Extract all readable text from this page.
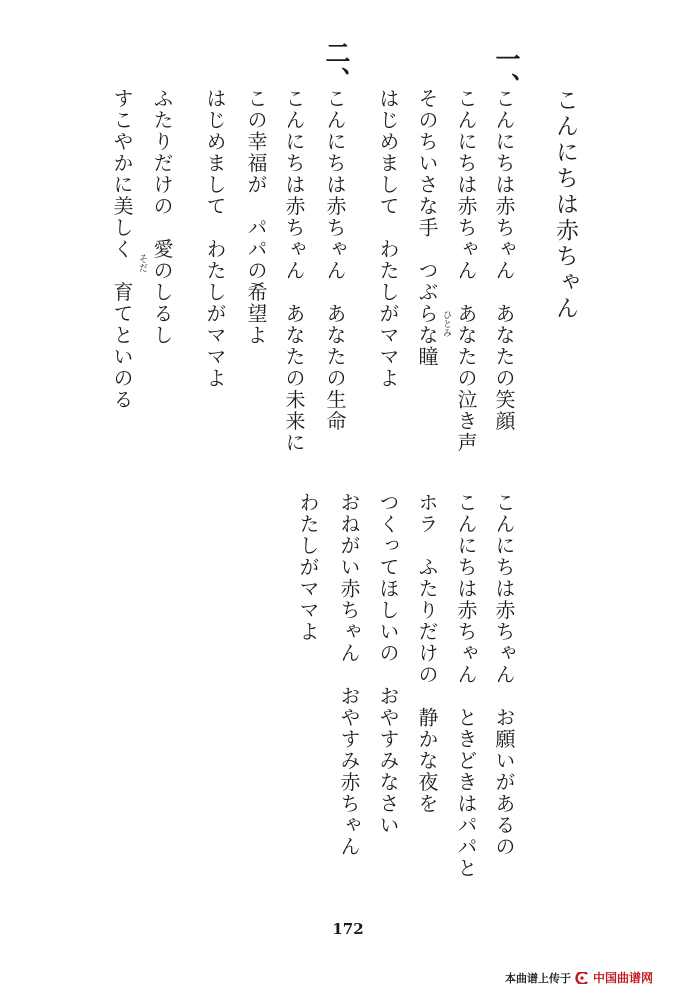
こんにちは赤ちゃん
一、
こんにちは赤ちゃん　あなたの笑顔
こんにちは赤ちゃん　あなたの泣き声
そのちいさな手　つぶらな瞳 ひとみ
はじめまして　わたしがママよ
二、
こんにちは赤ちゃん　あなたの生命
こんにちは赤ちゃん　あなたの未来に
この幸福が　パパの希望よ
はじめまして　わたしがママよ
ふたりだけの　愛のしるし
そだ
すこやかに美しく　育てといのる
こんにちは赤ちゃん　お願いがあるの
こんにちは赤ちゃん　ときどきはパパと
ホラ　ふたりだけの　静かな夜を
つくってほしいの　おやすみなさい
おねがい赤ちゃん　おやすみ赤ちゃん
わたしがママよ
172
本曲谱上传于 中国曲谱网
